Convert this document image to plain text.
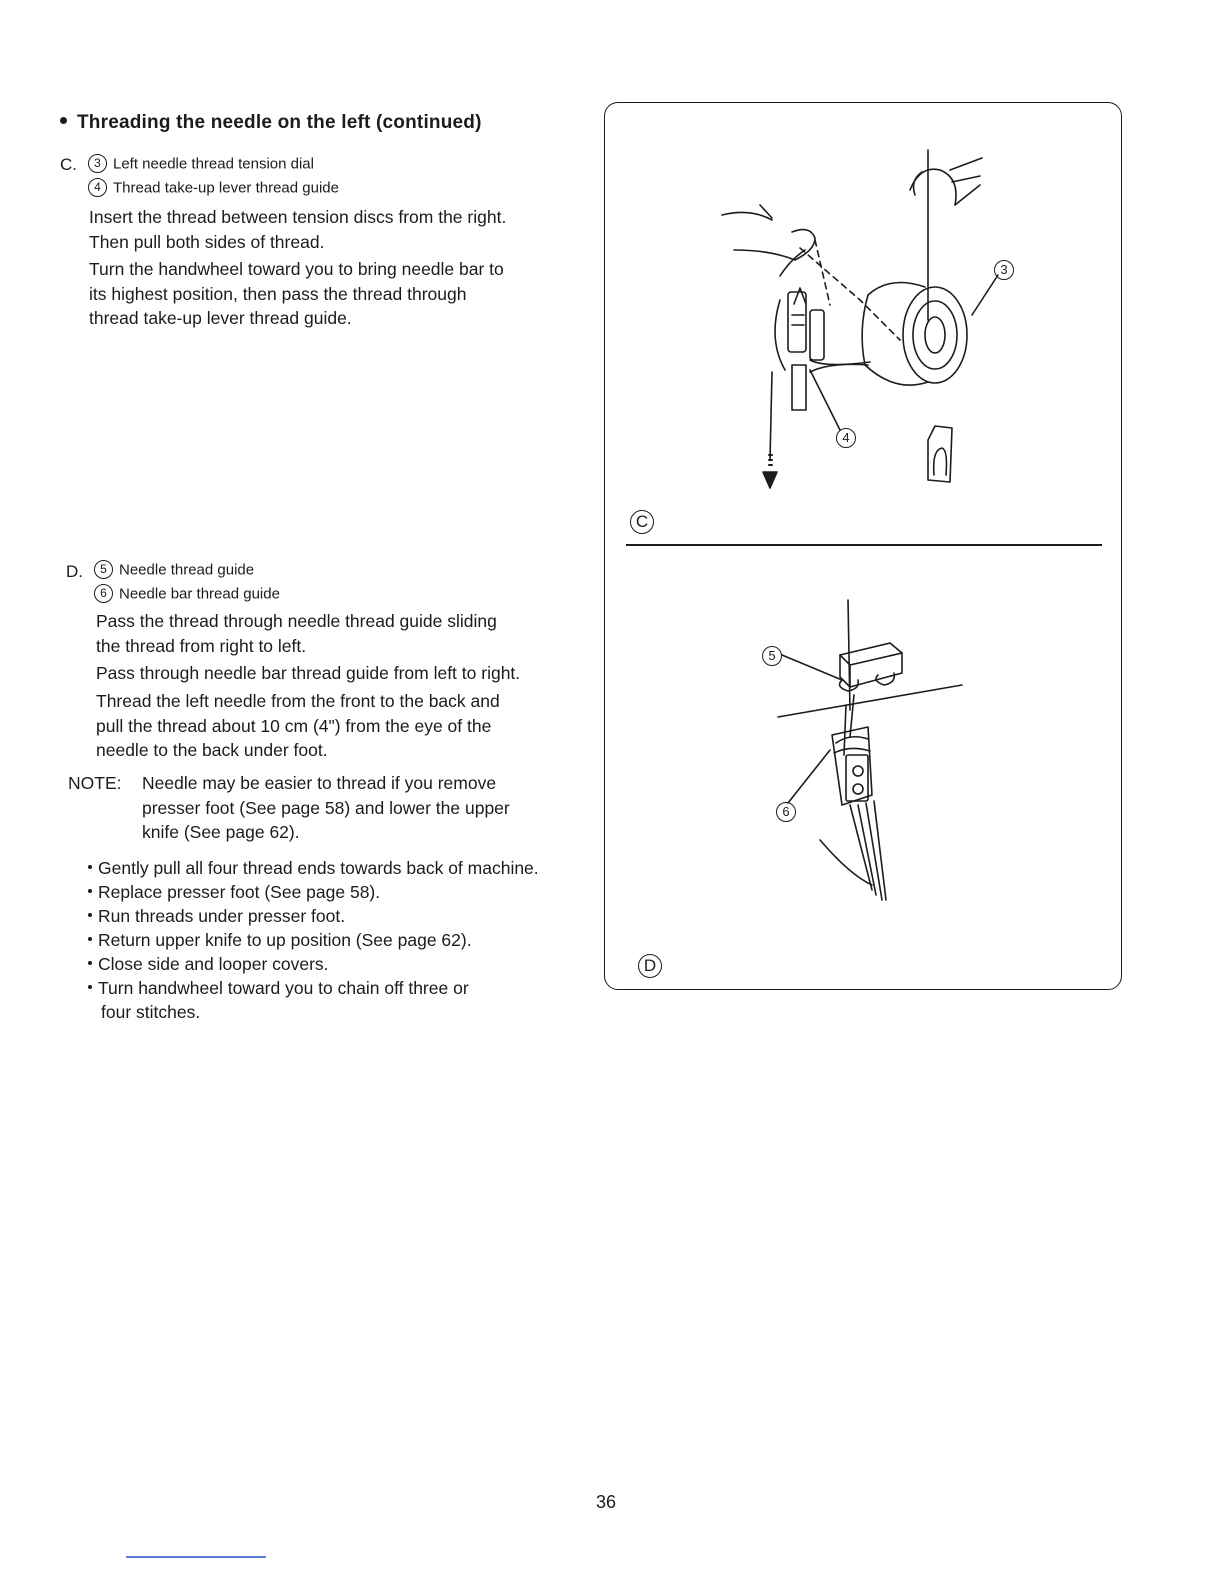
Threading the needle on the left (continued)
C.	3 Left needle thread tension dial
4 Thread take-up lever thread guide
Insert the thread between tension discs from the right.
Then pull both sides of thread.
Turn the handwheel toward you to bring needle bar to
its highest position, then pass the thread through
thread take-up lever thread guide.
D.	5 Needle thread guide
6 Needle bar thread guide
Pass the thread through needle thread guide sliding
the thread from right to left.
Pass through needle bar thread guide from left to right.
Thread the left needle from the front to the back and
pull the thread about 10 cm (4") from the eye of the
needle to the back under foot.
NOTE: Needle may be easier to thread if you remove
presser foot (See page 58) and lower the upper
knife (See page 62).
Gently pull all four thread ends towards back of machine.
Replace presser foot (See page 58).
Run threads under presser foot.
Return upper knife to up position (See page 62).
Close side and looper covers.
Turn handwheel toward you to chain off three or
four stitches.
3
4
C
5
6
D
36
